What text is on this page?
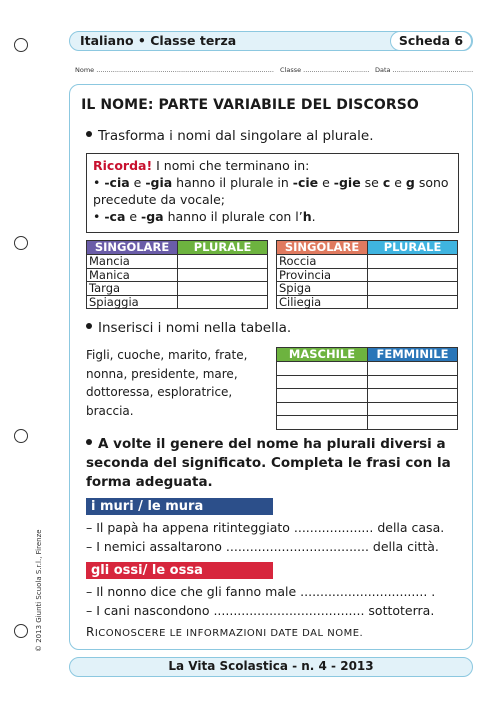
Italiano • Classe terza	Scheda 6
Nome ...................................................................................... Classe ................................ Data .......................................
IL NOME: PARTE VARIABILE DEL DISCORSO
Trasforma i nomi dal singolare al plurale.
Ricorda! I nomi che terminano in:
• -cia e -gia hanno il plurale in -cie e -gie se c e g sono precedute da vocale;
• -ca e -ga hanno il plurale con l’h.
SINGOLARE	PLURALE
Mancia	
Manica	
Targa	
Spiaggia	
SINGOLARE	PLURALE
Roccia	
Provincia	
Spiga	
Ciliegia	
Inserisci i nomi nella tabella.
Figli, cuoche, marito, frate,
nonna, presidente, mare,
dottoressa, esploratrice,
braccia.
MASCHILE	FEMMINILE

A volte il genere del nome ha plurali diversi a
seconda del significato. Completa le frasi con la
forma adeguata.
i muri / le mura
– Il papà ha appena ritinteggiato .................... della casa.
– I nemici assaltarono .................................... della città.
gli ossi/ le ossa
– Il nonno dice che gli fanno male ................................ .
– I cani nascondono ...................................... sottoterra.
RICONOSCERE LE INFORMAZIONI DATE DAL NOME.
La Vita Scolastica - n. 4 - 2013
© 2013 Giunti Scuola S.r.l., Firenze
